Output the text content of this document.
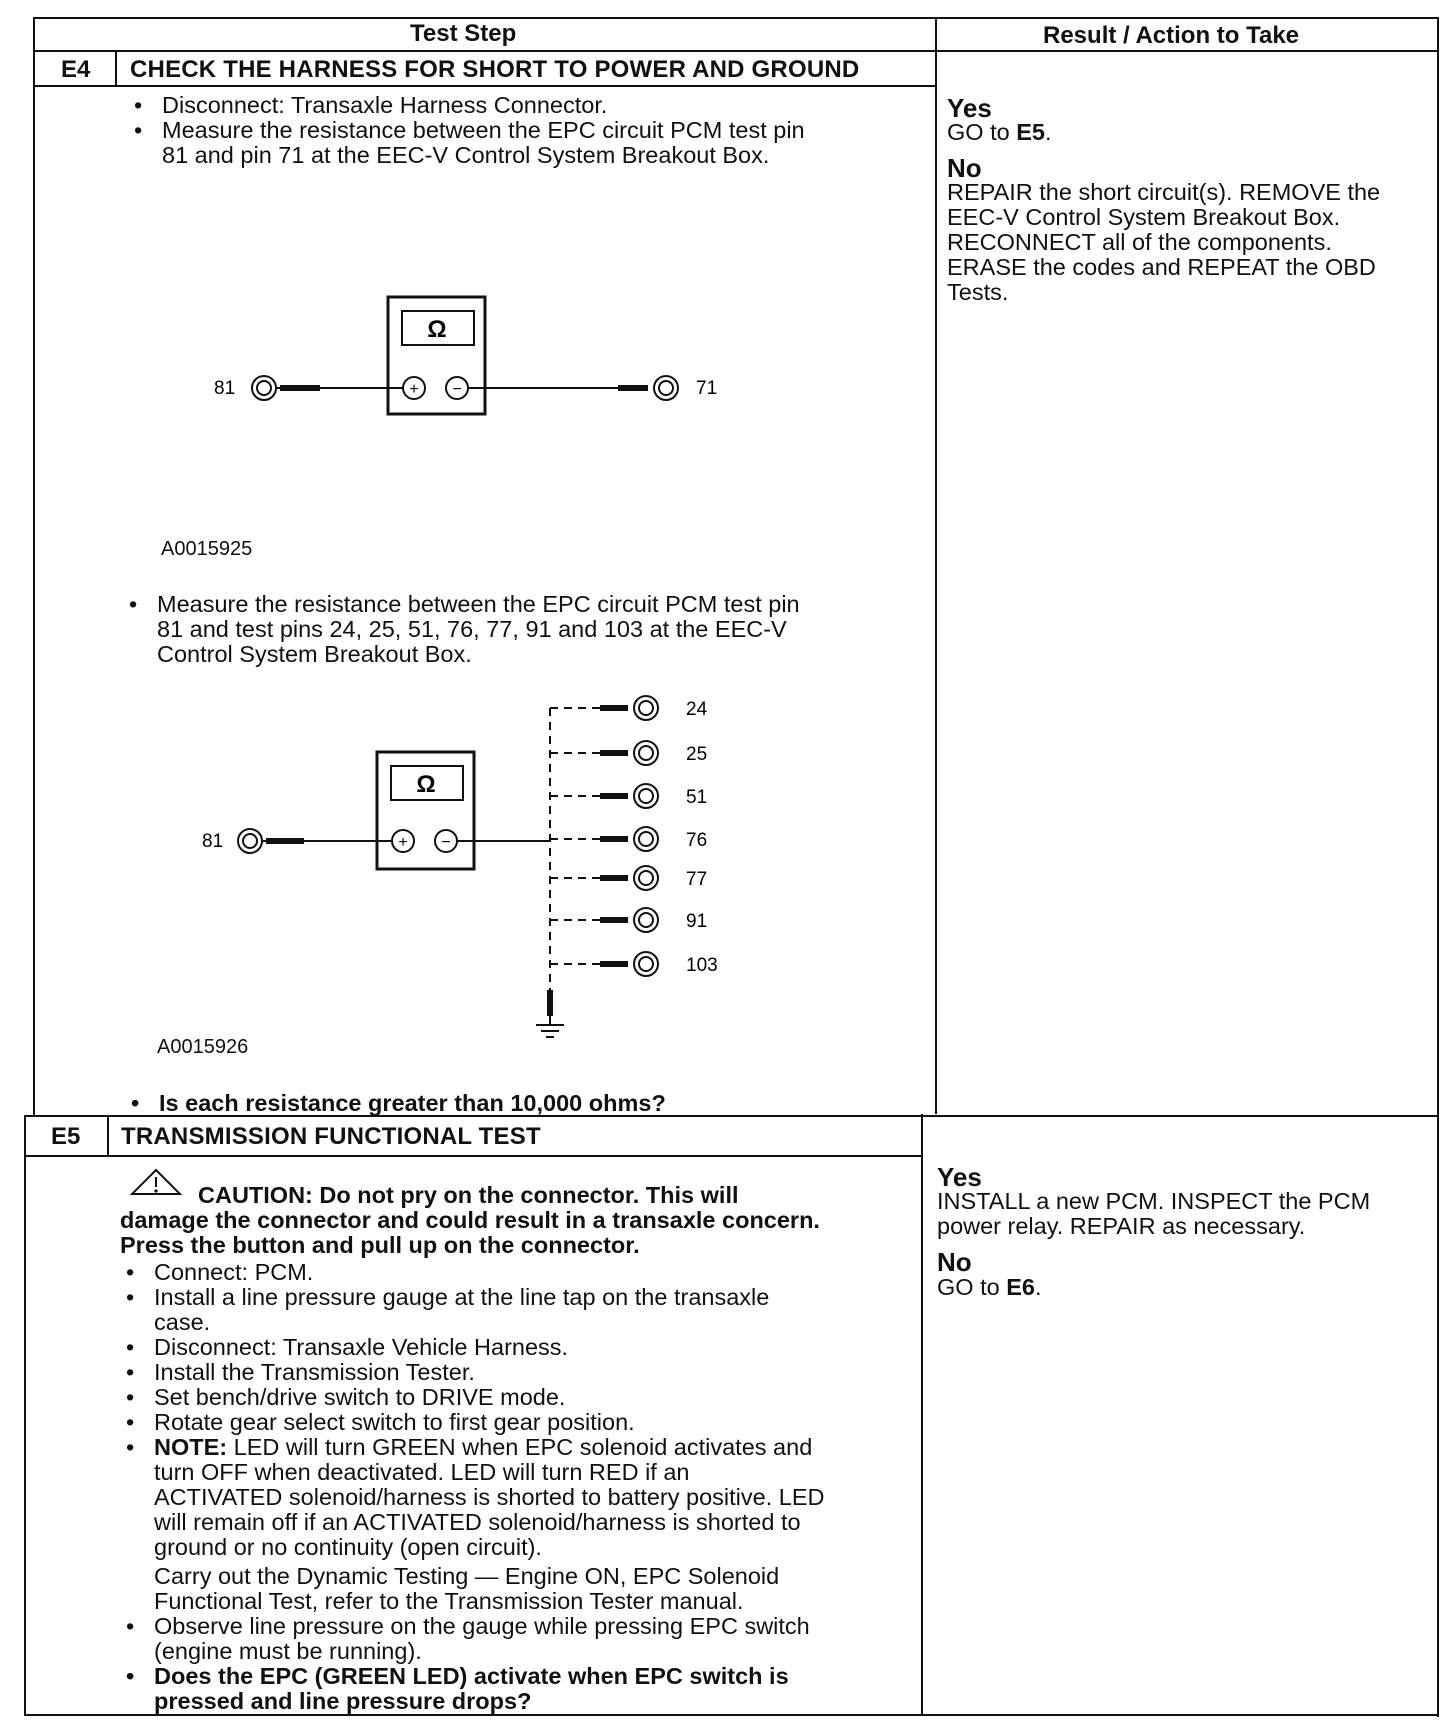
Test Step	Result / Action to Take
E4 CHECK THE HARNESS FOR SHORT TO POWER AND GROUND
• Disconnect: Transaxle Harness Connector.
• Measure the resistance between the EPC circuit PCM test pin
81 and pin 71 at the EEC-V Control System Breakout Box.
Ω
+ −
81	71
A0015925
• Measure the resistance between the EPC circuit PCM test pin
81 and test pins 24, 25, 51, 76, 77, 91 and 103 at the EEC-V
Control System Breakout Box.
Ω
+ −
81
24
25
51
76
77
91
103
A0015926
• Is each resistance greater than 10,000 ohms?
Yes
GO to E5.
No
REPAIR the short circuit(s). REMOVE the
EEC-V Control System Breakout Box.
RECONNECT all of the components.
ERASE the codes and REPEAT the OBD
Tests.
E5 TRANSMISSION FUNCTIONAL TEST
CAUTION: Do not pry on the connector. This will
damage the connector and could result in a transaxle concern.
Press the button and pull up on the connector.
• Connect: PCM.
• Install a line pressure gauge at the line tap on the transaxle
case.
• Disconnect: Transaxle Vehicle Harness.
• Install the Transmission Tester.
• Set bench/drive switch to DRIVE mode.
• Rotate gear select switch to first gear position.
• NOTE: LED will turn GREEN when EPC solenoid activates and
turn OFF when deactivated. LED will turn RED if an
ACTIVATED solenoid/harness is shorted to battery positive. LED
will remain off if an ACTIVATED solenoid/harness is shorted to
ground or no continuity (open circuit).
Carry out the Dynamic Testing — Engine ON, EPC Solenoid
Functional Test, refer to the Transmission Tester manual.
• Observe line pressure on the gauge while pressing EPC switch
(engine must be running).
• Does the EPC (GREEN LED) activate when EPC switch is
pressed and line pressure drops?
Yes
INSTALL a new PCM. INSPECT the PCM
power relay. REPAIR as necessary.
No
GO to E6.
